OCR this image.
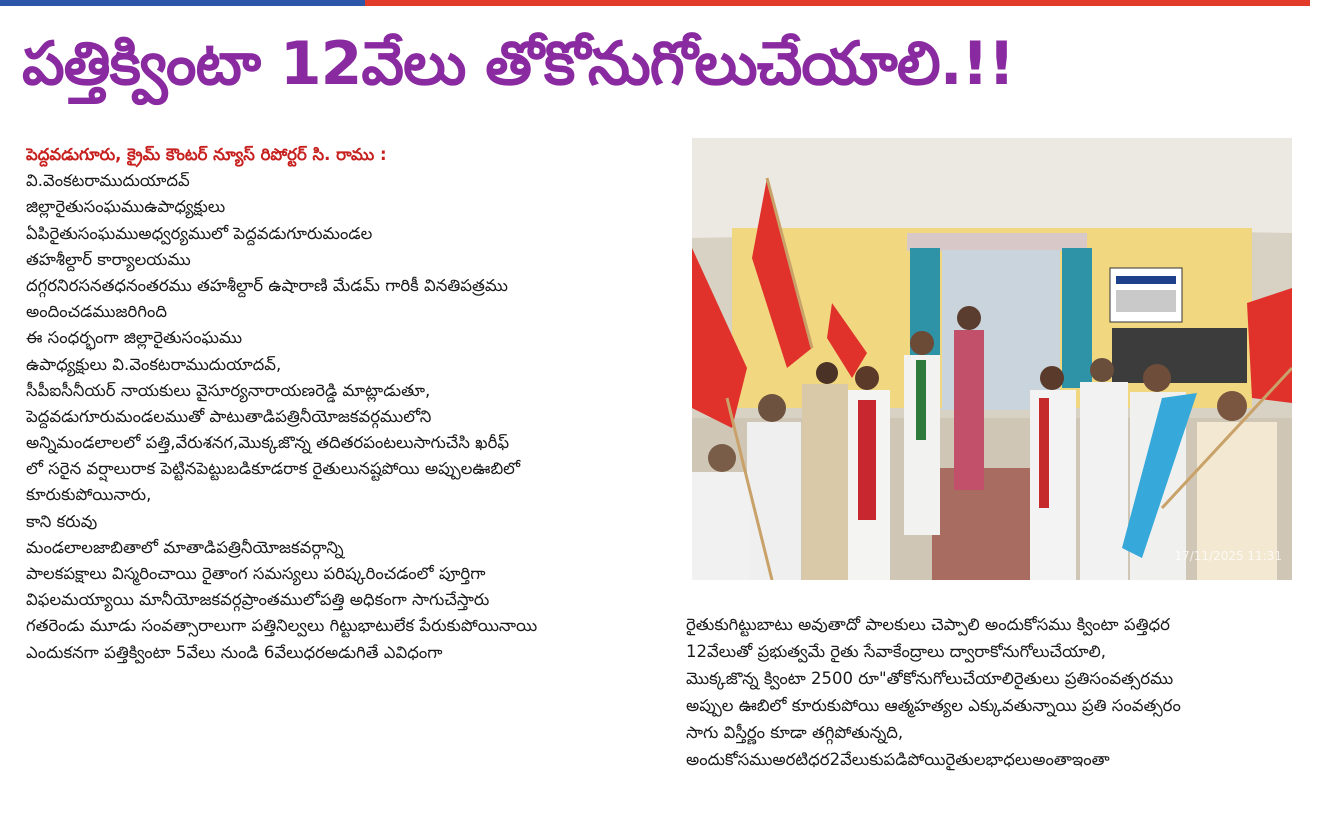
పత్తిక్వింటా 12వేలు తోకోనుగోలుచేయాలి.!!
పెద్దవడుగూరు, క్రైమ్ కౌంటర్ న్యూస్ రిపోర్టర్ సి. రాము :
వి.వెంకటరాముదుయాదవ్
జిల్లారైతుసంఘముఉపాధ్యక్షులు
ఏపిరైతుసంఘముఅధ్వర్యములో పెద్దవడుగూరుమండల
తహశీల్దార్ కార్యాలయము
దగ్గరనిరసనతధనంతరము తహశీల్దార్ ఉషారాణి మేడమ్ గారికీ వినతిపత్రము
అందించడముజరిగింది
ఈ సంధర్భంగా జిల్లారైతుసంఘము
ఉపాధ్యక్షులు వి.వెంకటరాముదుయాదవ్,
సీపీఐసీనీయర్ నాయకులు వైసూర్యనారాయణరెడ్డి మాట్లాడుతూ,
పెద్దవడుగూరుమండలముతో పాటుతాడిపత్రినీయోజకవర్గములోని
అన్నిమండలాలలో పత్తి,వేరుశనగ,మొక్కజొన్న తదితరపంటలుసాగుచేసి ఖరీఫ్
లో సరైన వర్షాలురాక పెట్టినపెట్టుబడికూడరాక రైతులునష్టపోయి అప్పులఊబిలో
కూరుకుపోయినారు,
కాని కరువు
మండలాలజాబితాలో మాతాడిపత్రినీయోజకవర్గాన్ని
పాలకపక్షాలు విస్మరించాయి రైతాంగ సమస్యలు పరిష్కరించడంలో పూర్తిగా
విఫలమయ్యాయి మానీయోజకవర్గప్రాంతములోపత్తి అధికంగా సాగుచేస్తారు
గతరెండు మూడు సంవత్సారాలుగా పత్తినిల్వలు గిట్టుభాటులేక పేరుకుపోయినాయి
ఎందుకనగా పత్తిక్వింటా 5వేలు నుండి 6వేలుధరఅడుగితే ఎవిధంగా
17/11/2025 11:31
రైతుకుగిట్టుబాటు అవుతాదో పాలకులు చెప్పాలి అందుకోసము క్వింటా పత్తిధర
12వేలుతో ప్రభుత్వమే రైతు సేవాకేంద్రాలు ద్వారాకోనుగోలుచేయాలి,
మొక్కజొన్న క్వింటా 2500 రూ"తోకోనుగోలుచేయాలిరైతులు ప్రతిసంవత్సరము
అప్పుల ఊబిలో కూరుకుపోయి ఆత్మహత్యల ఎక్కువతున్నాయి ప్రతి సంవత్సరం
సాగు విస్తీర్ణం కూడా తగ్గిపోతున్నది,
అందుకోసముఅరటిధర2వేలుకుపడిపోయిరైతులభాధలుఅంతాఇంతా
